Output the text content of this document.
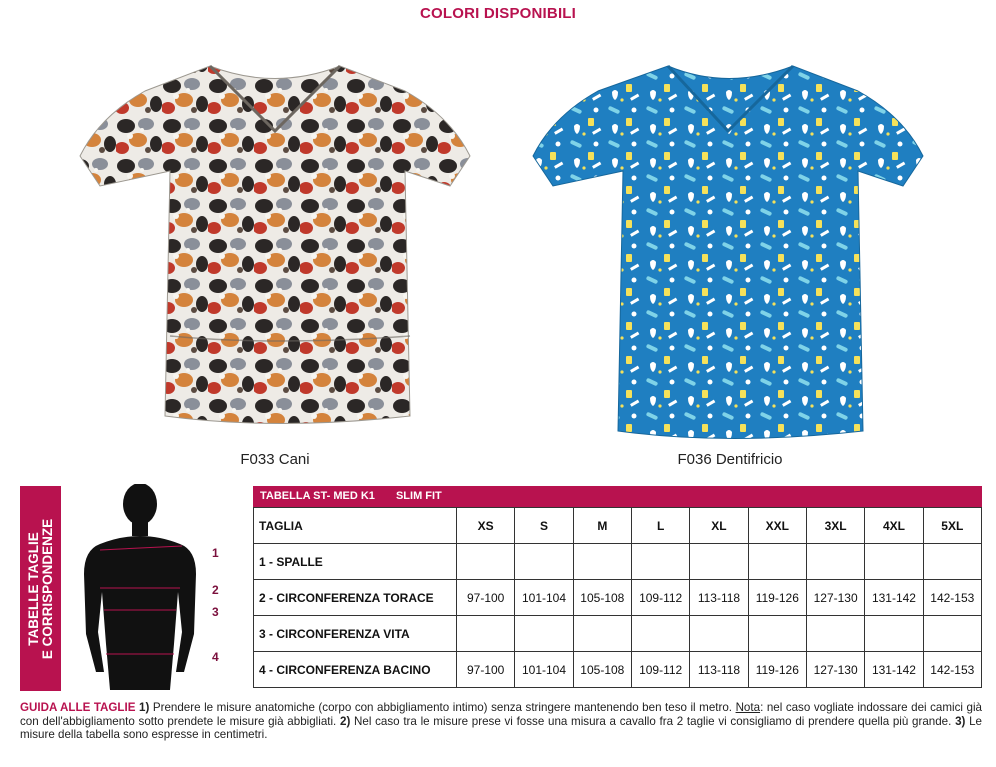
COLORI DISPONIBILI
F033 Cani	F036 Dentifricio
TABELLE TAGLIE E CORRISPONDENZE	1
2
3
4
TABELLA ST- MED K1 SLIM FIT
TAGLIA	XS	S	M	L	XL	XXL	3XL	4XL	5XL
1 - SPALLE									
2 - CIRCONFERENZA TORACE	97-100	101-104	105-108	109-112	113-118	119-126	127-130	131-142	142-153
3 - CIRCONFERENZA VITA									
4 - CIRCONFERENZA BACINO	97-100	101-104	105-108	109-112	113-118	119-126	127-130	131-142	142-153
GUIDA ALLE TAGLIE 1) Prendere le misure anatomiche (corpo con abbigliamento intimo) senza stringere mantenendo ben teso il metro. Nota: nel caso vogliate indossare dei camici già con dell'abbigliamento sotto prendete le misure già abbigliati. 2) Nel caso tra le misure prese vi fosse una misura a cavallo fra 2 taglie vi consigliamo di prendere quella più grande. 3) Le misure della tabella sono espresse in centimetri.
